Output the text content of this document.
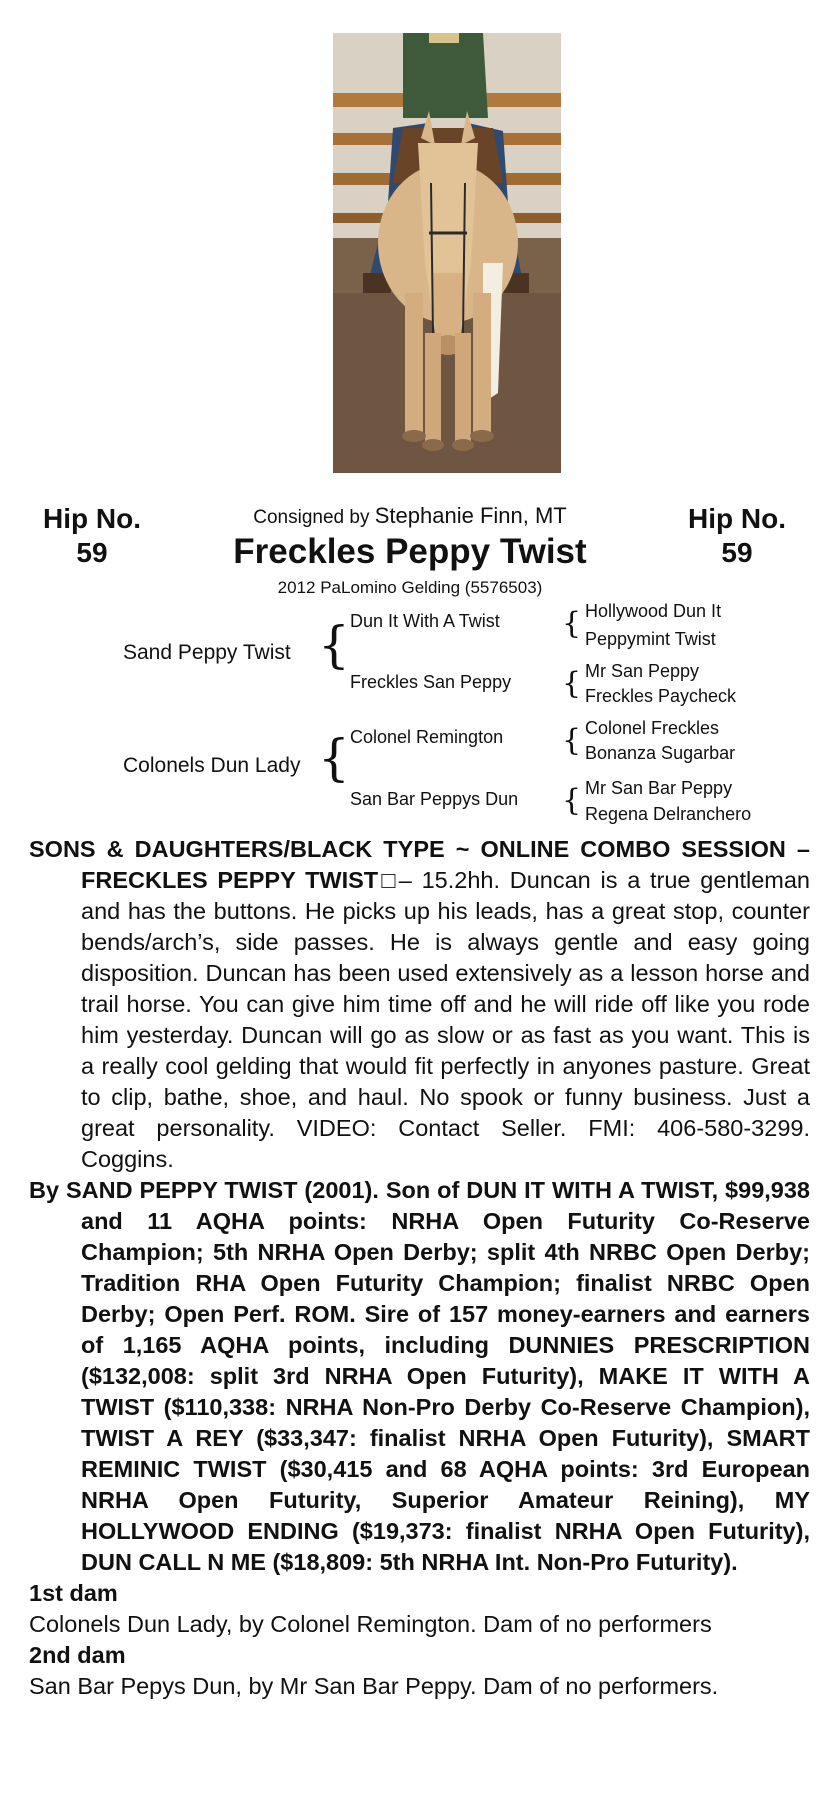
Hip No.
59
Hip No.
59
Consigned by Stephanie Finn, MT
Freckles Peppy Twist
2012 PaLomino Gelding (5576503)
Sand Peppy Twist { Dun It With A Twist
Freckles San Peppy
Colonels Dun Lady { Colonel Remington
San Bar Peppys Dun
{ Hollywood Dun It
Peppymint Twist
{ Mr San Peppy
Freckles Paycheck
{ Colonel Freckles
Bonanza Sugarbar
{ Mr San Bar Peppy
Regena Delranchero

SONS & DAUGHTERS/BLACK TYPE ~ ONLINE COMBO SESSION – FRECKLES PEPPY TWIST□– 15.2hh. Duncan is a true gentleman and has the buttons. He picks up his leads, has a great stop, counter bends/arch’s, side passes. He is always gentle and easy going disposition. Duncan has been used extensively as a lesson horse and trail horse. You can give him time off and he will ride off like you rode him yesterday. Duncan will go as slow or as fast as you want. This is a really cool gelding that would fit perfectly in anyones pasture. Great to clip, bathe, shoe, and haul. No spook or funny business. Just a great personality. VIDEO: Contact Seller. FMI: 406-580-3299. Coggins.

By SAND PEPPY TWIST (2001). Son of DUN IT WITH A TWIST, $99,938 and 11 AQHA points: NRHA Open Futurity Co-Reserve Champion; 5th NRHA Open Derby; split 4th NRBC Open Derby; Tradition RHA Open Futurity Champion; finalist NRBC Open Derby; Open Perf. ROM. Sire of 157 money-earners and earners of 1,165 AQHA points, including DUNNIES PRESCRIPTION ($132,008: split 3rd NRHA Open Futurity), MAKE IT WITH A TWIST ($110,338: NRHA Non-Pro Derby Co-Reserve Champion), TWIST A REY ($33,347: finalist NRHA Open Futurity), SMART REMINIC TWIST ($30,415 and 68 AQHA points: 3rd European NRHA Open Futurity, Superior Amateur Reining), MY HOLLYWOOD ENDING ($19,373: finalist NRHA Open Futurity), DUN CALL N ME ($18,809: 5th NRHA Int. Non-Pro Futurity).

1st dam

Colonels Dun Lady, by Colonel Remington. Dam of no performers

2nd dam

San Bar Pepys Dun, by Mr San Bar Peppy. Dam of no performers.
